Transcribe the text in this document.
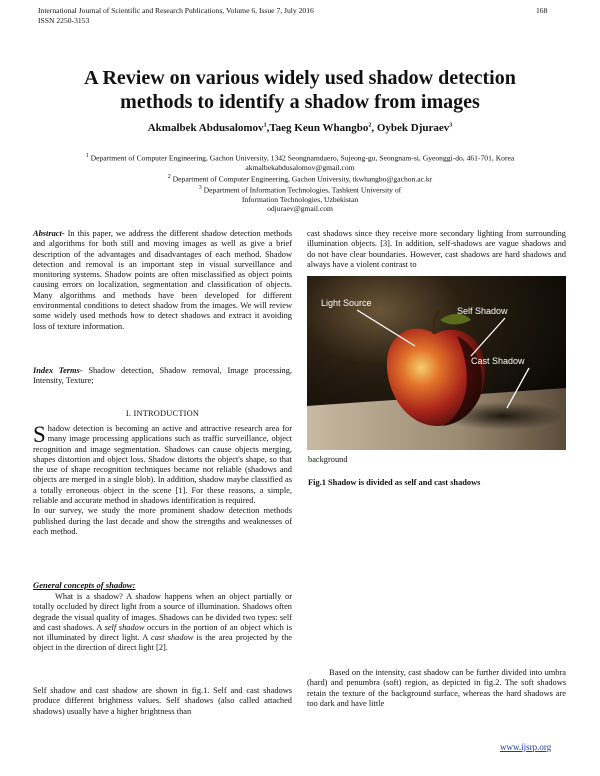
International Journal of Scientific and Research Publications, Volume 6, Issue 7, July 2016
ISSN 2250-3153
168
A Review on various widely used shadow detection
methods to identify a shadow from images
Akmalbek Abdusalomov$^1$,Taeg Keun Whangbo$^2$, Oybek Djuraev$^3$
$^1$ Department of Computer Engineering, Gachon University, 1342 Seongnamdaero, Sujeong-gu, Seongnam-si, Gyeonggi-do, 461-701, Korea
akmalbekabdusalomov@gmail.com
$^2$ Department of Computer Engineering, Gachon University, tkwhangbo@gachon.ac.kr
$^3$ Department of Information Technologies, Tashkent University of
Information Technologies, Uzbekistan
odjuraev@gmail.com

Abstract- In this paper, we address the different shadow detection methods and algorithms for both still and moving images as well as give a brief description of the advantages and disadvantages of each method. Shadow detection and removal is an important step in visual surveillance and monitoring systems. Shadow points are often misclassified as object points causing errors on localization, segmentation and classification of objects. Many algorithms and methods have been developed for different environmental conditions to detect shadow from the images. We will review some widely used methods how to detect shadows and extract it avoiding loss of texture information.

Index Terms- Shadow detection, Shadow removal, Image processing, Intensity, Texture;

I. INTRODUCTION

Shadow detection is becoming an active and attractive research area for many image processing applications such as traffic surveillance, object recognition and image segmentation. Shadows can cause objects merging, shapes distortion and object loss. Shadow distorts the object's shape, so that the use of shape recognition techniques became not reliable (shadows and objects are merged in a single blob). In addition, shadow maybe classified as a totally erroneous object in the scene [1]. For these reasons, a simple, reliable and accurate method in shadows identification is required.

In our survey, we study the more prominent shadow detection methods published during the last decade and show the strengths and weaknesses of each method.

General concepts of shadow:

What is a shadow? A shadow happens when an object partially or totally occluded by direct light from a source of illumination. Shadows often degrade the visual quality of images. Shadows can be divided two types: self and cast shadows. A self shadow occurs in the portion of an object which is not illuminated by direct light. A cast shadow is the area projected by the object in the direction of direct light [2].

Self shadow and cast shadow are shown in fig.1. Self and cast shadows produce different brightness values. Self shadows (also called attached shadows) usually have a higher brightness than
cast shadows since they receive more secondary lighting from surrounding illumination objects. [3]. In addition, self-shadows are vague shadows and do not have clear boundaries. However, cast shadows are hard shadows and always have a violent contrast to
Light Source
Self Shadow
Cast Shadow
background
Fig.1 Shadow is divided as self and cast shadows

Based on the intensity, cast shadow can be further divided into umbra (hard) and penumbra (soft) region, as depicted in fig.2. The soft shadows retain the texture of the background surface, whereas the hard shadows are too dark and have little

www.ijsrp.org
